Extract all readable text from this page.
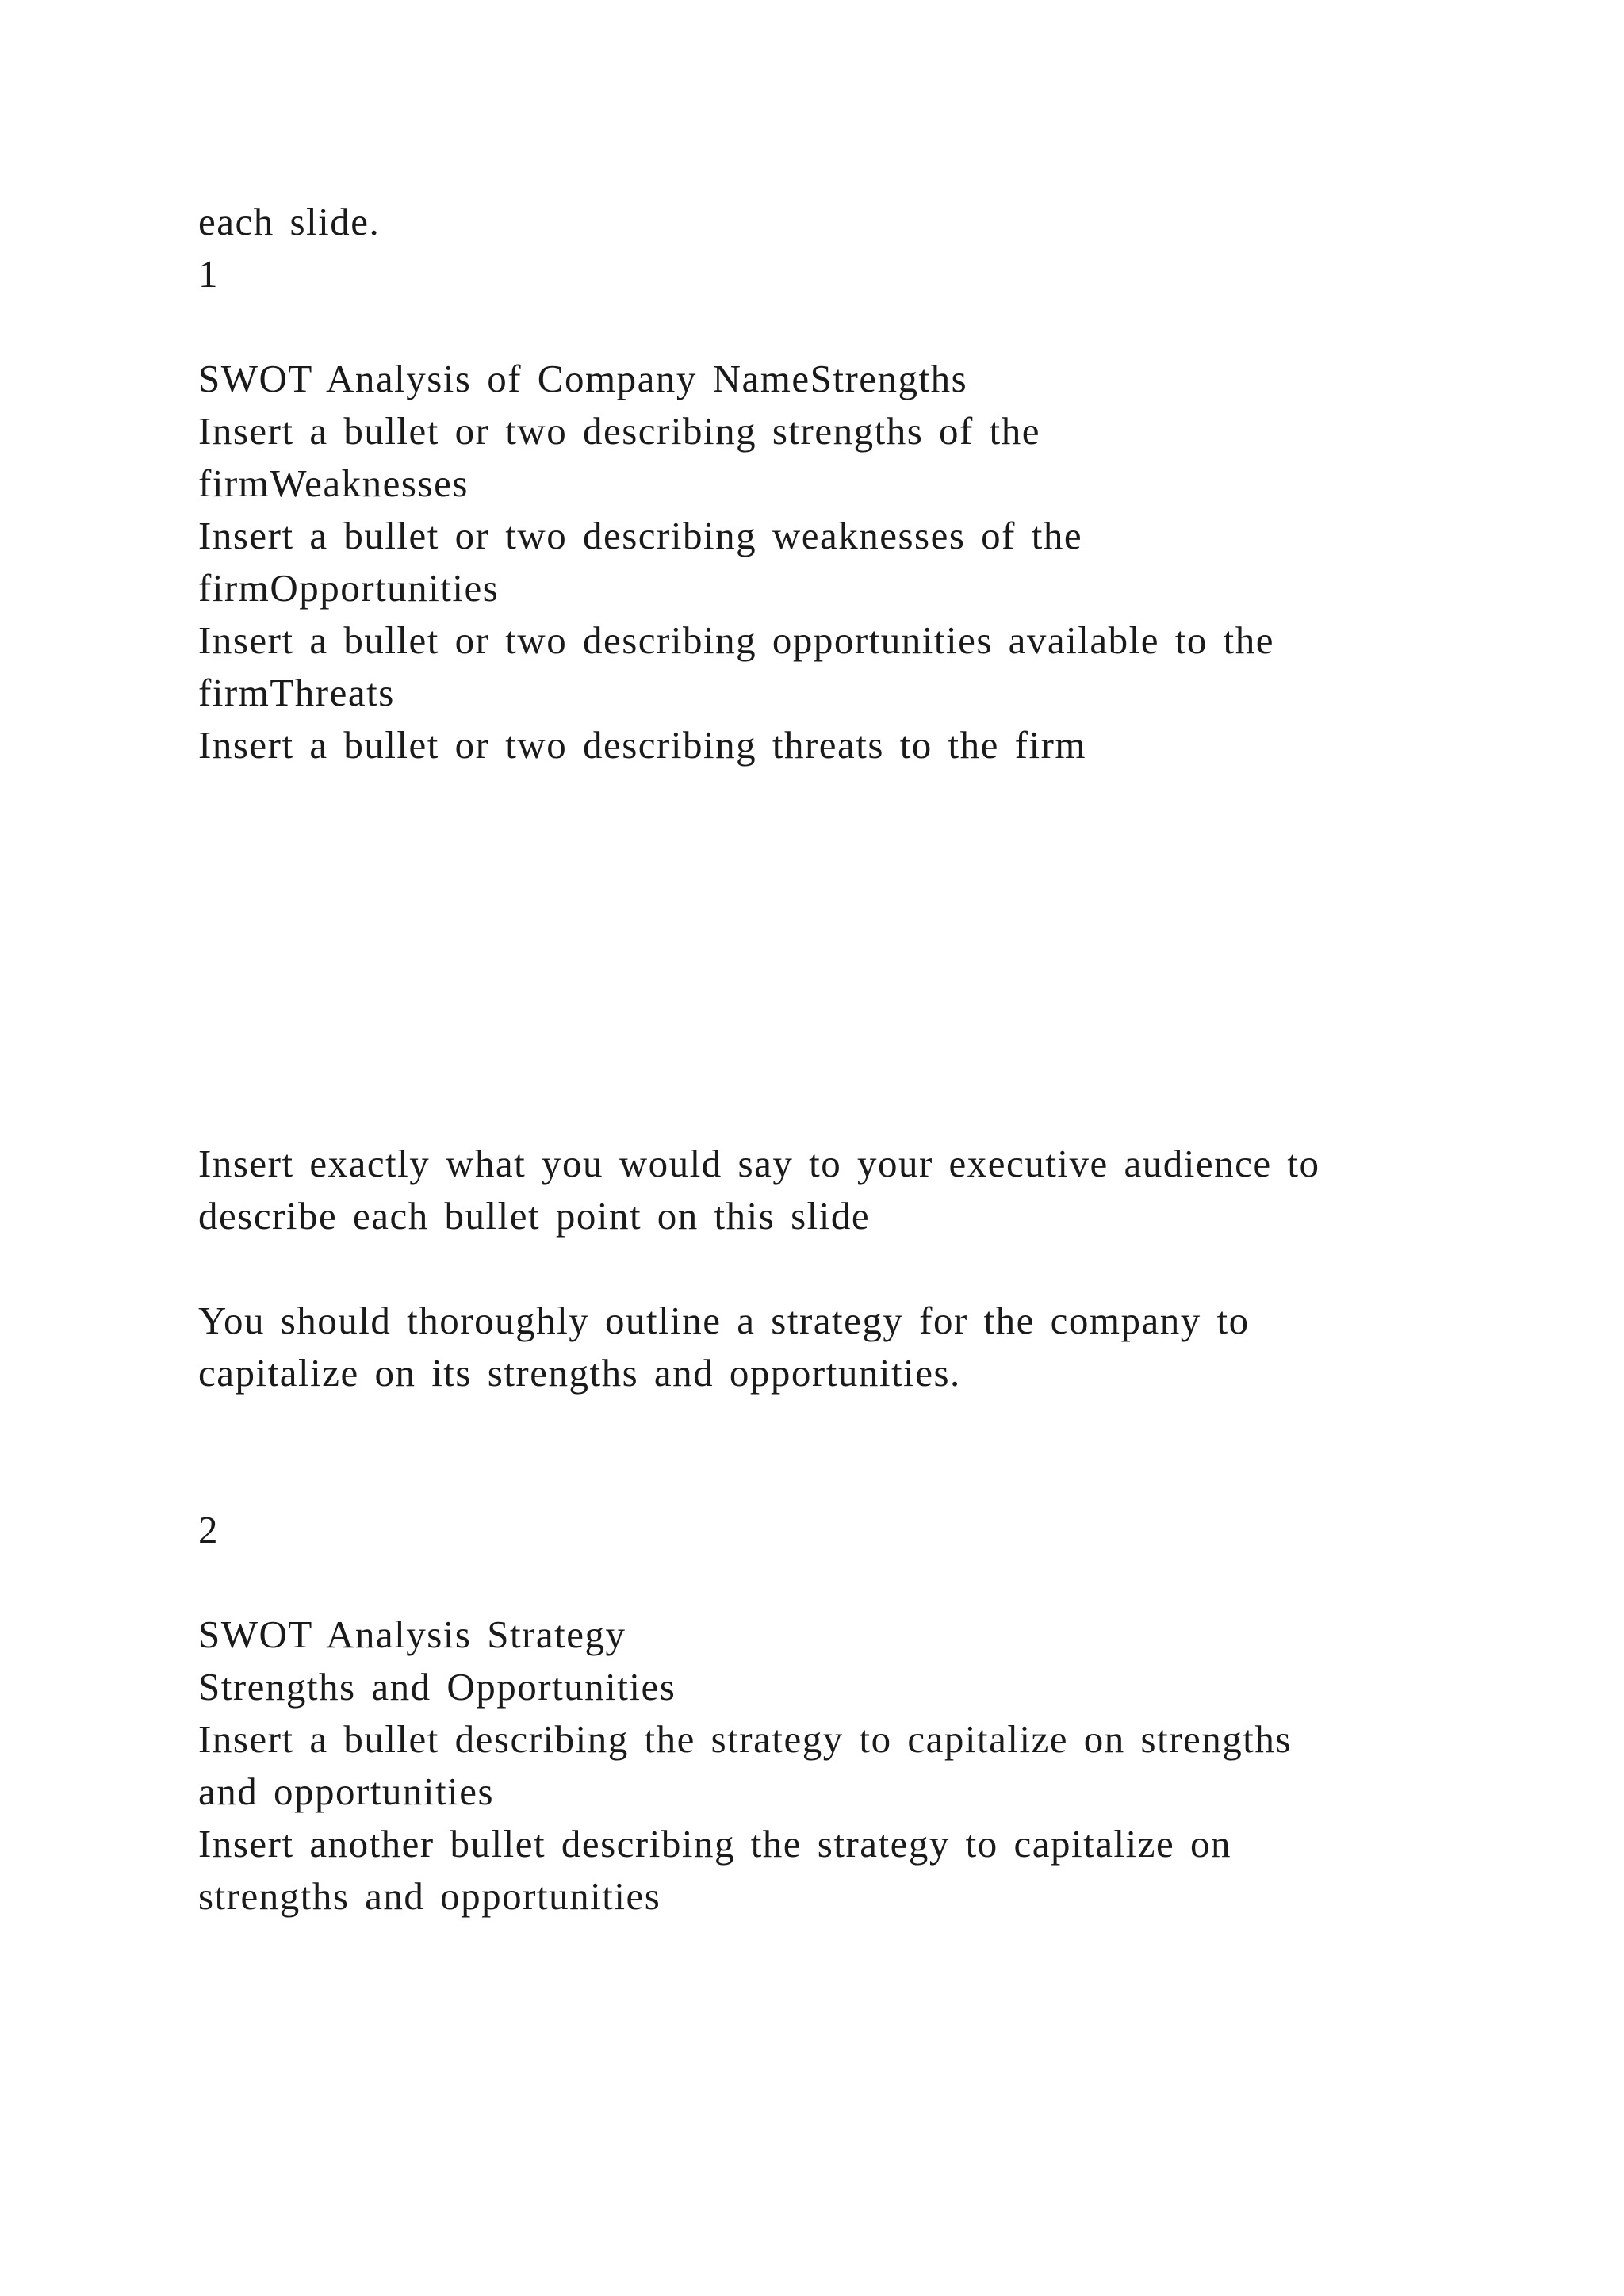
each slide.
1
SWOT Analysis of Company NameStrengths
Insert a bullet or two describing strengths of the
firmWeaknesses
Insert a bullet or two describing weaknesses of the
firmOpportunities
Insert a bullet or two describing opportunities available to the
firmThreats
Insert a bullet or two describing threats to the firm
Insert exactly what you would say to your executive audience to
describe each bullet point on this slide
You should thoroughly outline a strategy for the company to
capitalize on its strengths and opportunities.
2
SWOT Analysis Strategy
Strengths and Opportunities
Insert a bullet describing the strategy to capitalize on strengths
and opportunities
Insert another bullet describing the strategy to capitalize on
strengths and opportunities
